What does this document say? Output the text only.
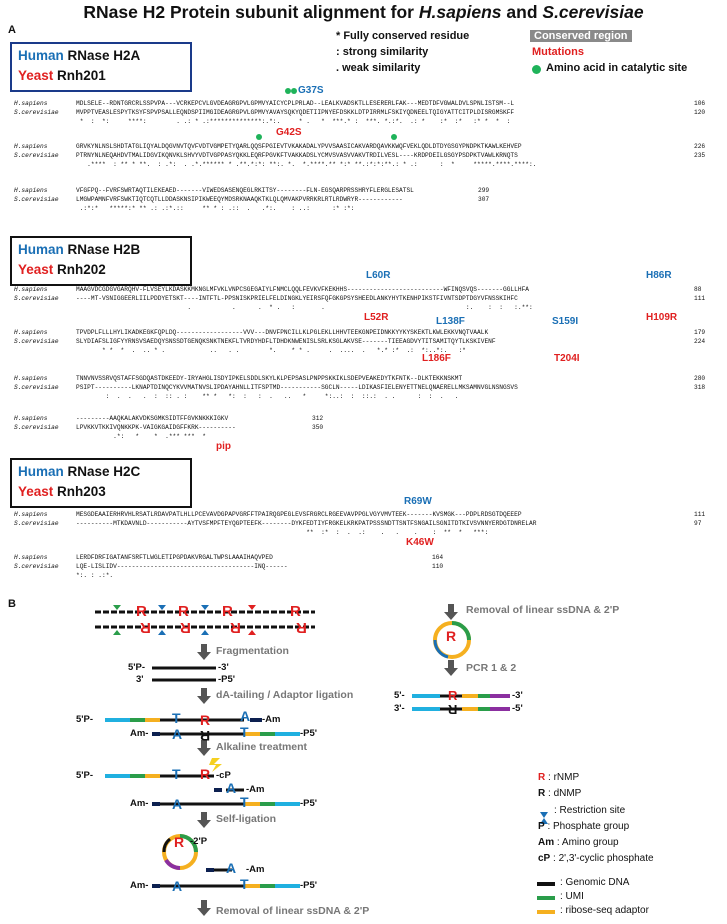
RNase H2 Protein subunit alignment for H.sapiens and S.cerevisiae
A	* Fully conserved residue
: strong similarity
. weak similarity
Conserved region
Mutations
Amino acid in catalytic site
Human RNase H2A
Yeast Rnh201
G37S
H.sapiens	MDLSELE--RDNTGRCRLSSPVPA---VCRKEPCVLGVDEAGRGPVLGPMVYAICYCPLPRLAD--LEALKVADSKTLLESERERLFAK---MEDTDFVGWALDVLSPNLISTSM--L	106
S.cerevisiae	MVPPTVEASLESPYTKSYFSPVPSALLEQNDSPIIMGIDEAGRGPVLGPMVYAVAYSQKYQDETIIPNYEFDSKKLDTPIRRMLFSKIYQDNEELTQIGYATTCITPLDISRGMSKFF	120
*  :  *:     ****:        . .: * .:**************:.*:.     * .   *  ***.* :  ***. *.:*.  .: *    :*  :*   :* *  *  :
G42S
H.sapiens	GRVKYNLNSLSHDTATGLIQYALDQGVNVTQVFVDTVGMPETYQARLQQSFPGIEVTVKAKADALYPVVSAASICAKVARDQAVKKWQFVEKLQDLDTDYGSGYPNDPKTKAWLKEHVEP	226
S.cerevisiae	PTRNYNLNEQAHDVTMALIDGVIKQNVKLSHVYVDTVGPPASYQKKLEQRFPGVKFTVAKKADSLYCMVSVASVVAKVTRDILVESL----KRDPDEILGSGYPSDPKTVAWLKRNQTS	235
.****  : ** * **.  : .*:  . .*.****** * .**.*:*: **:. *.  *.****.** *:* **.:*:*:**.: * .:      :  *     *****.****.****:.
H.sapiens	VFGFPQ--FVRFSWRTAQTILEKEAED-------VIWEDSASENQEGLRKITSY--------FLN-EGSQARPRSSHRYFLERGLESATSL	299
S.cerevisiae	LMGWPAMNFVRFSWKTIQTCQTLLDDASKNSIPIKWEEQYMDSRKNAAQKTKLQLQMVAKPVRRKRLRTLRDWRYR------------	307
.:*:*   *****:* ** .: .:*.::     ** * : .::  .   .*:.    : ..:      :* :*:
Human RNase H2B
Yeast Rnh202	L60R	H86R
H.sapiens	MAAGVDCGDGVGARQHV-FLVSEYLKDASKKMKNGLMFVKLVNPCSGEGAIYLFNMCLQQLFEVKVFKEKHHS--------------------------WFINQSVQS-------GGLLHFA	88
S.cerevisiae	----MT-VSNIGGEERLIILPDDYETSKT----INTFTL-PPSNISKPRIELFELDINGKLYEIRSFQFGKGPSYSHEEDLANKYHYTKENHPIKSTFIVNTSDPTDGYVFNSSKIHFC	111
.           .      .  * .   :       .                                      :.    :  :   :.**:
L52R	H109R
L138F	S159I
H.sapiens	TPVDPLFLLLHYLIKADKEGKFQPLDQ------------------VVV---DNVFPNCILLKLPGLEKLLHHVTEEKGNPEIDNKKYYKYSKEKTLKWLEKKVNQTVAALK	179
S.cerevisiae	SLYDIAFSLIGFYYRNSVSAEDQYSNSSDTGENQKSNKTNEKFLTVRDYHDFLTDHDKNWENISLSRLKSGLAKVSE-------TIEEAGDVYTITSAMITQYTLKSKIVENF	224
* *  *  .  .. * .            ..   . .        *.    * * .     .  ....  .   *.* :*  .:  *:..*:.   :*
L186F	T204I
H.sapiens	TNNVNVSSRVQSTAFFSGDQASTDKEEDY-IRYAHGLISDYIPKELSDDLSKYLKLPEPSASLPNPPSKKIKLSDEPVEAKEDYTKFNTK--DLKTEKKNSKMT	280
S.cerevisiae	PSIPT----------LKNAPTDINQCYKVVMATNVSLIPDAYAHNLLITFSPTMD-----------SGCLN-----LDIKASFIELENYETTNELQNAERELLMKSAMNVGLNSNGSVS	318
:  .  .   .  :  :: . :    ** *   *:  :   :  .   ..   *     *:..:  :  ::.:  . .      :  :  .   .
H.sapiens	---------AAQKALAKVDKSGMKSIDTFFGVKNKKKIGKV	312
S.cerevisiae	LPVKKVTKKIVQNKKPK-VAIGKGAIDGFFKRK----------	350
.*:   *    *  .*** ***  *
pip
Human RNase H2C
Yeast Rnh203
R69W
H.sapiens	MESGDEAAIERHRVHLRSATLRDAVPATLHLLPCEVAVDGPAPVGRFFTPAIRQGPEGLEVSFRGRCLRGEEVAVPPGLVGYVMVTEEK-------KVSMGK---PDPLRDSGTDQEEEP	111
S.cerevisiae	----------MTKDAVNLD-----------AYTVSFMPFTEYQGPTEEFK--------DYKFEDTIYFRGKELKRKPATPSSSNDTTSNTFSNGAILSGNITDTKIVSVNNYERDGTDNRELAR	97
**  :*  :  .  .:    .   .    .    :  **  *   ***:
K46W
H.sapiens	LERDFDRFIGATANFSRFTLWGLETIPGPDAKVRGALTWPSLAAAIHAQVPED	164
S.cerevisiae	LQE-LISLIDV-------------------------------------INQ------	110
*:. : .:*.
B	R R R	R
R R	R	R
Fragmentation
dA-tailing / Adaptor ligation
Alkaline treatment
Self-ligation
Removal of linear ssDNA & 2'P
Removal of linear ssDNA & 2'P
PCR 1 & 2
5'P-	-3'
3'	-P5'
5'P-	-Am
Am-	-P5'
T
A
A
T
R
R
5'P-	T R -cP
A -Am
Am- A	T	-P5'
R -2'P
A -Am
Am- A	T	-P5'
R
5'-
3'-
R
R
-3'
-5'
R : rNMP
R : dNMP
: Restriction site
P : Phosphate group
Am : Amino group
cP : 2',3'-cyclic phosphate
: Genomic DNA
: UMI
: ribose-seq adaptor
